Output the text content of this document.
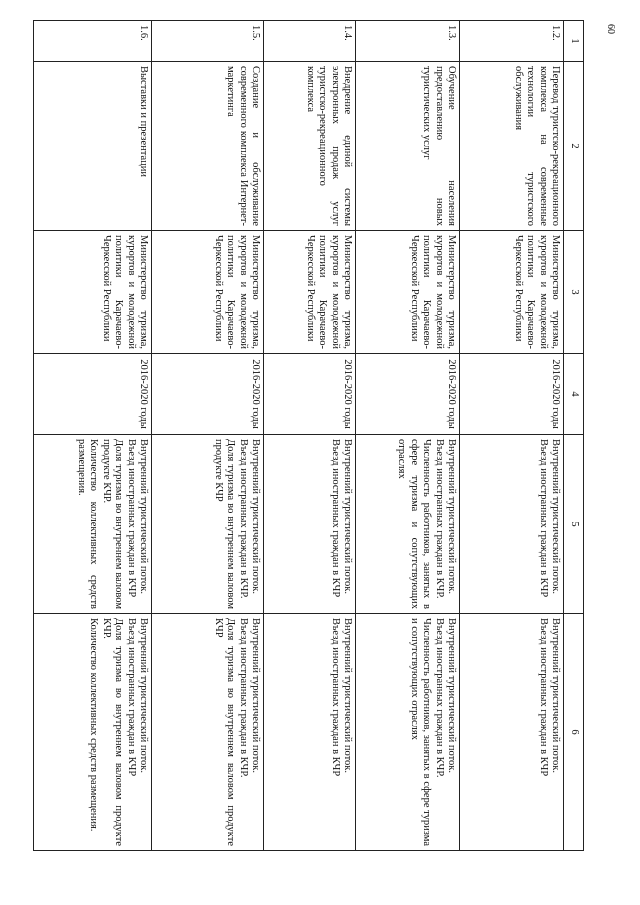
60
1	2	3	4	5	6
1.2.	Перевод туристско-рекреационного комплекса на современные технологии туристского обслуживания	Министерство туризма, курортов и молодежной политики Карачаево-Черкесской Республики	2016-2020 годы	Внутренний туристический поток.
Въезд иностранных граждан в КЧР	Внутренний туристический поток.
Въезд иностранных граждан в КЧР

1.3.	Обучение населения предоставлению новых туристических услуг	Министерство туризма, курортов и молодежной политики Карачаево-Черкесской Республики	2016-2020 годы	Внутренний туристический поток.
Въезд иностранных граждан в КЧР.
Численность работников, занятых в сфере туризма и сопутствующих отраслях	Внутренний туристический поток.
Въезд иностранных граждан в КЧР.
Численность работников, занятых в сфере туризма и сопутствующих отраслях

1.4.	Внедрение единой системы электронных продаж услуг туристско-рекреационного комплекса	Министерство туризма, курортов и молодежной политики Карачаево-Черкесской Республики	2016-2020 годы	Внутренний туристический поток.
Въезд иностранных граждан в КЧР	Внутренний туристический поток.
Въезд иностранных граждан в КЧР

1.5.	Создание и обслуживание современного комплекса Интернет-маркетинга	Министерство туризма, курортов и молодежной политики Карачаево-Черкесской Республики	2016-2020 годы	Внутренний туристический поток.
Въезд иностранных граждан в КЧР.
Доля туризма во внутреннем валовом продукте КЧР	Внутренний туристический поток.
Въезд иностранных граждан в КЧР.
Доля туризма во внутреннем валовом продукте КЧР

1.6.	Выставки и презентации	Министерство туризма, курортов и молодежной политики Карачаево-Черкесской Республики	2016-2020 годы	Внутренний туристический поток.
Въезд иностранных граждан в КЧР
Доля туризма во внутреннем валовом продукте КЧР.
Количество коллективных средств размещения.	Внутренний туристический поток.
Въезд иностранных граждан в КЧР
Доля туризма во внутреннем валовом продукте КЧР.
Количество коллективных средств размещения.
